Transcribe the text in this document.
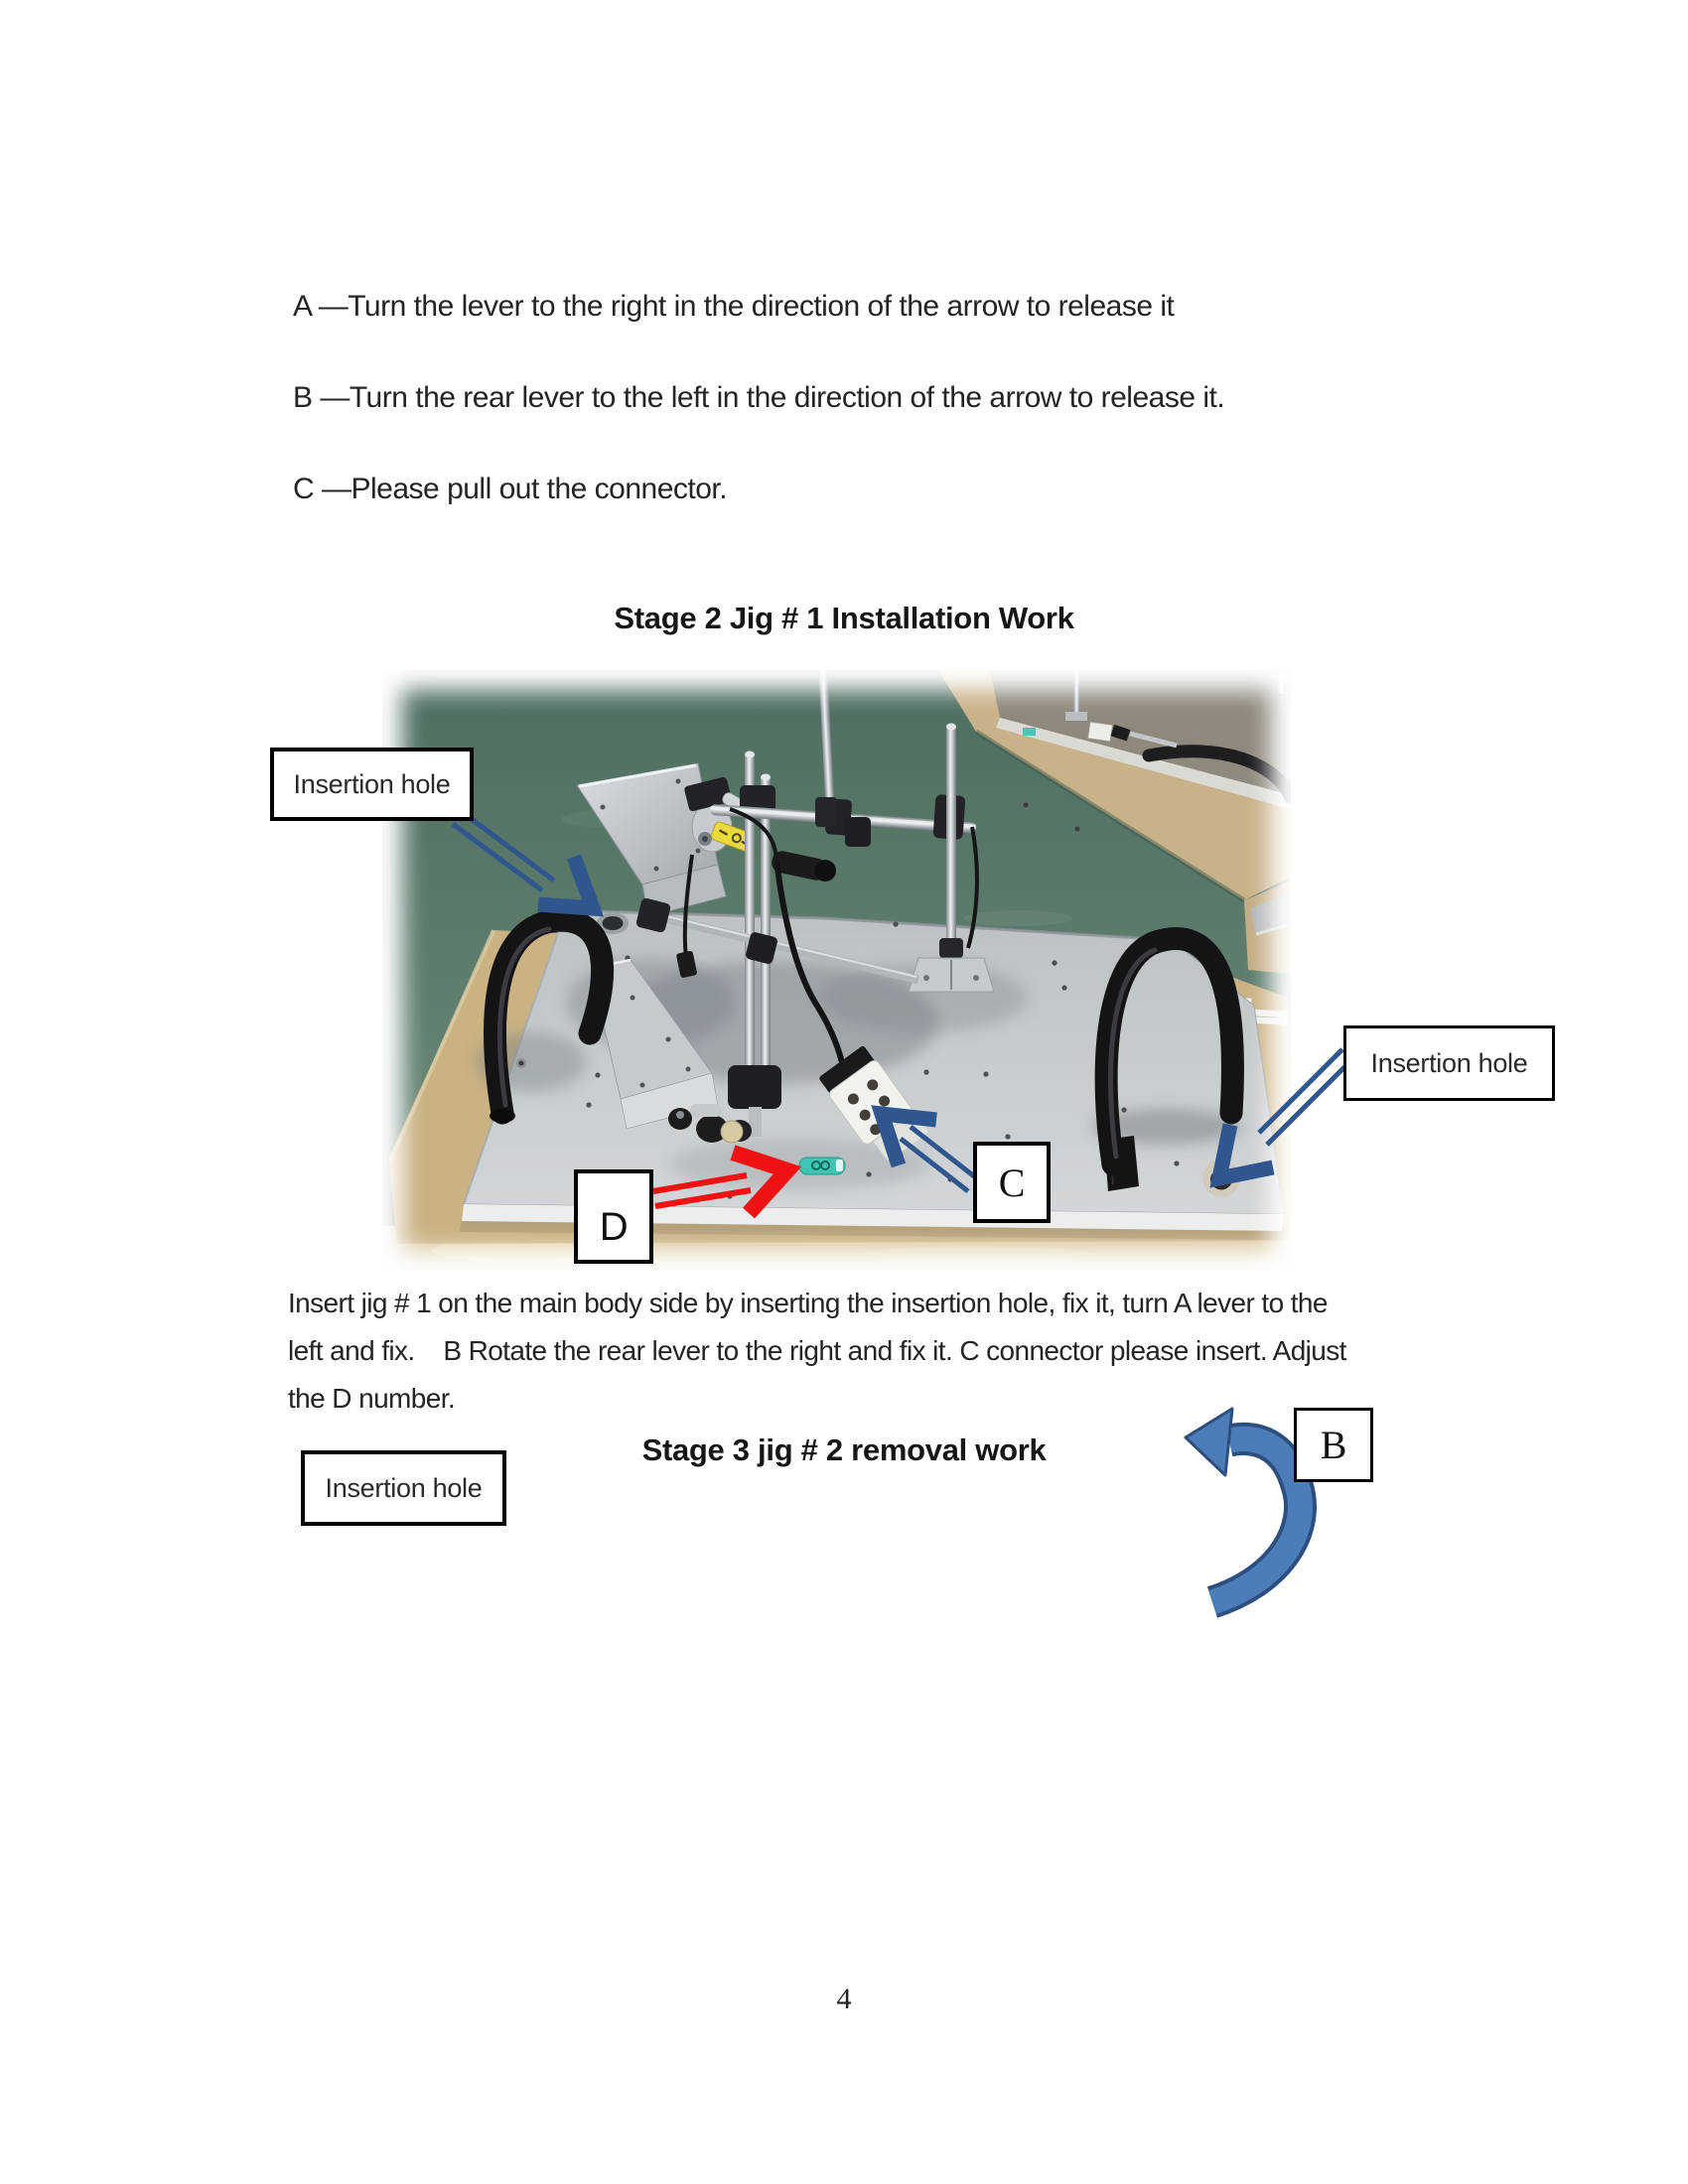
A —Turn the lever to the right in the direction of the arrow to release it
B —Turn the rear lever to the left in the direction of the arrow to release it.
C —Please pull out the connector.
Stage 2 Jig # 1 Installation Work
Insertion hole
Insertion hole
C
D
Insertion hole
B
Insert jig # 1 on the main body side by inserting the insertion hole, fix it, turn A lever to the
left and fix.    B Rotate the rear lever to the right and fix it. C connector please insert. Adjust
the D number.
Stage 3 jig # 2 removal work
4
